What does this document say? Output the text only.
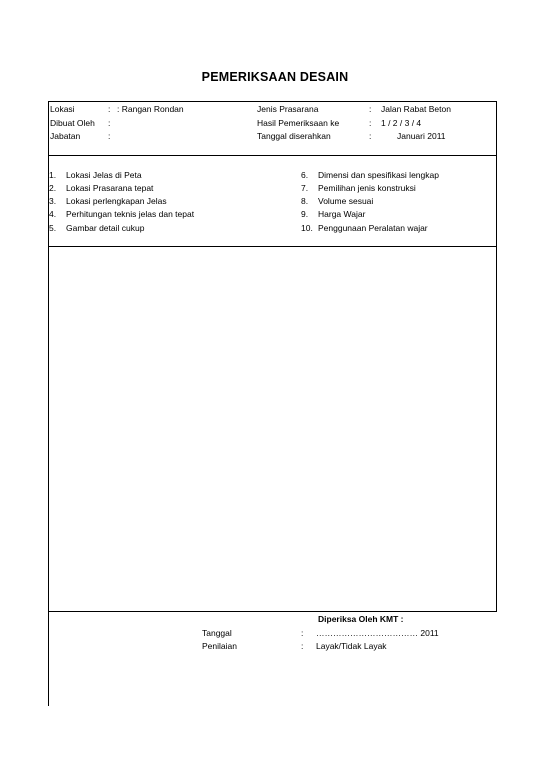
PEMERIKSAAN DESAIN
Lokasi	: : Rangan Rondan
Dibuat Oleh :
Jabatan	:
Jenis Prasarana	: Jalan Rabat Beton
Hasil Pemeriksaan ke	: 1 / 2 / 3 / 4
Tanggal diserahkan	:	Januari 2011
1. Lokasi Jelas di Peta
2. Lokasi Prasarana tepat
3. Lokasi perlengkapan Jelas
4. Perhitungan teknis jelas dan tepat
5. Gambar detail cukup
6. Dimensi dan spesifikasi lengkap
7. Pemilihan jenis konstruksi
8. Volume sesuai
9. Harga Wajar
10. Penggunaan Peralatan wajar
Diperiksa Oleh KMT :
Tanggal	: ……………………………… 2011
Penilaian	: Layak/Tidak Layak
